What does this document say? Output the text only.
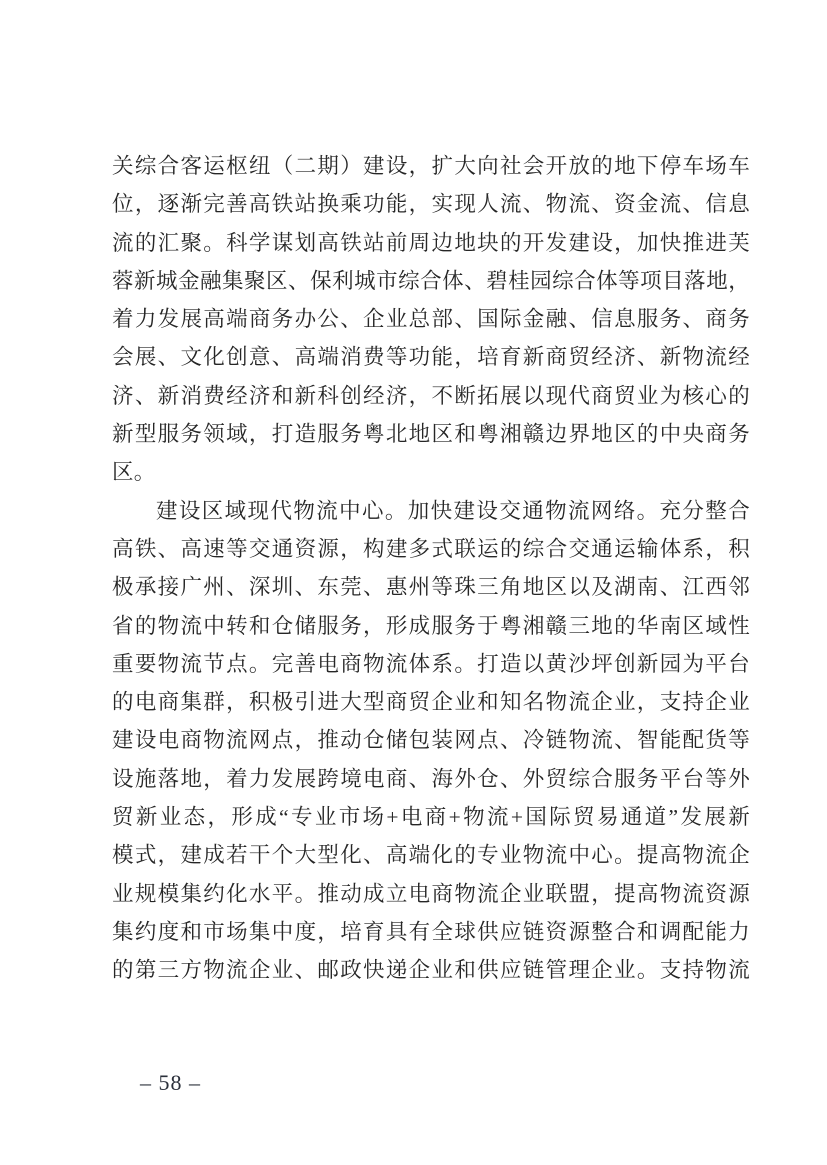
关综合客运枢纽（二期）建设，扩大向社会开放的地下停车场车
位，逐渐完善高铁站换乘功能，实现人流、物流、资金流、信息
流的汇聚。科学谋划高铁站前周边地块的开发建设，加快推进芙
蓉新城金融集聚区、保利城市综合体、碧桂园综合体等项目落地，
着力发展高端商务办公、企业总部、国际金融、信息服务、商务
会展、文化创意、高端消费等功能，培育新商贸经济、新物流经
济、新消费经济和新科创经济，不断拓展以现代商贸业为核心的
新型服务领域，打造服务粤北地区和粤湘赣边界地区的中央商务
区。
建设区域现代物流中心。加快建设交通物流网络。充分整合
高铁、高速等交通资源，构建多式联运的综合交通运输体系，积
极承接广州、深圳、东莞、惠州等珠三角地区以及湖南、江西邻
省的物流中转和仓储服务，形成服务于粤湘赣三地的华南区域性
重要物流节点。完善电商物流体系。打造以黄沙坪创新园为平台
的电商集群，积极引进大型商贸企业和知名物流企业，支持企业
建设电商物流网点，推动仓储包装网点、冷链物流、智能配货等
设施落地，着力发展跨境电商、海外仓、外贸综合服务平台等外
贸新业态，形成“专业市场+电商+物流+国际贸易通道”发展新
模式，建成若干个大型化、高端化的专业物流中心。提高物流企
业规模集约化水平。推动成立电商物流企业联盟，提高物流资源
集约度和市场集中度，培育具有全球供应链资源整合和调配能力
的第三方物流企业、邮政快递企业和供应链管理企业。支持物流
– 58 –
